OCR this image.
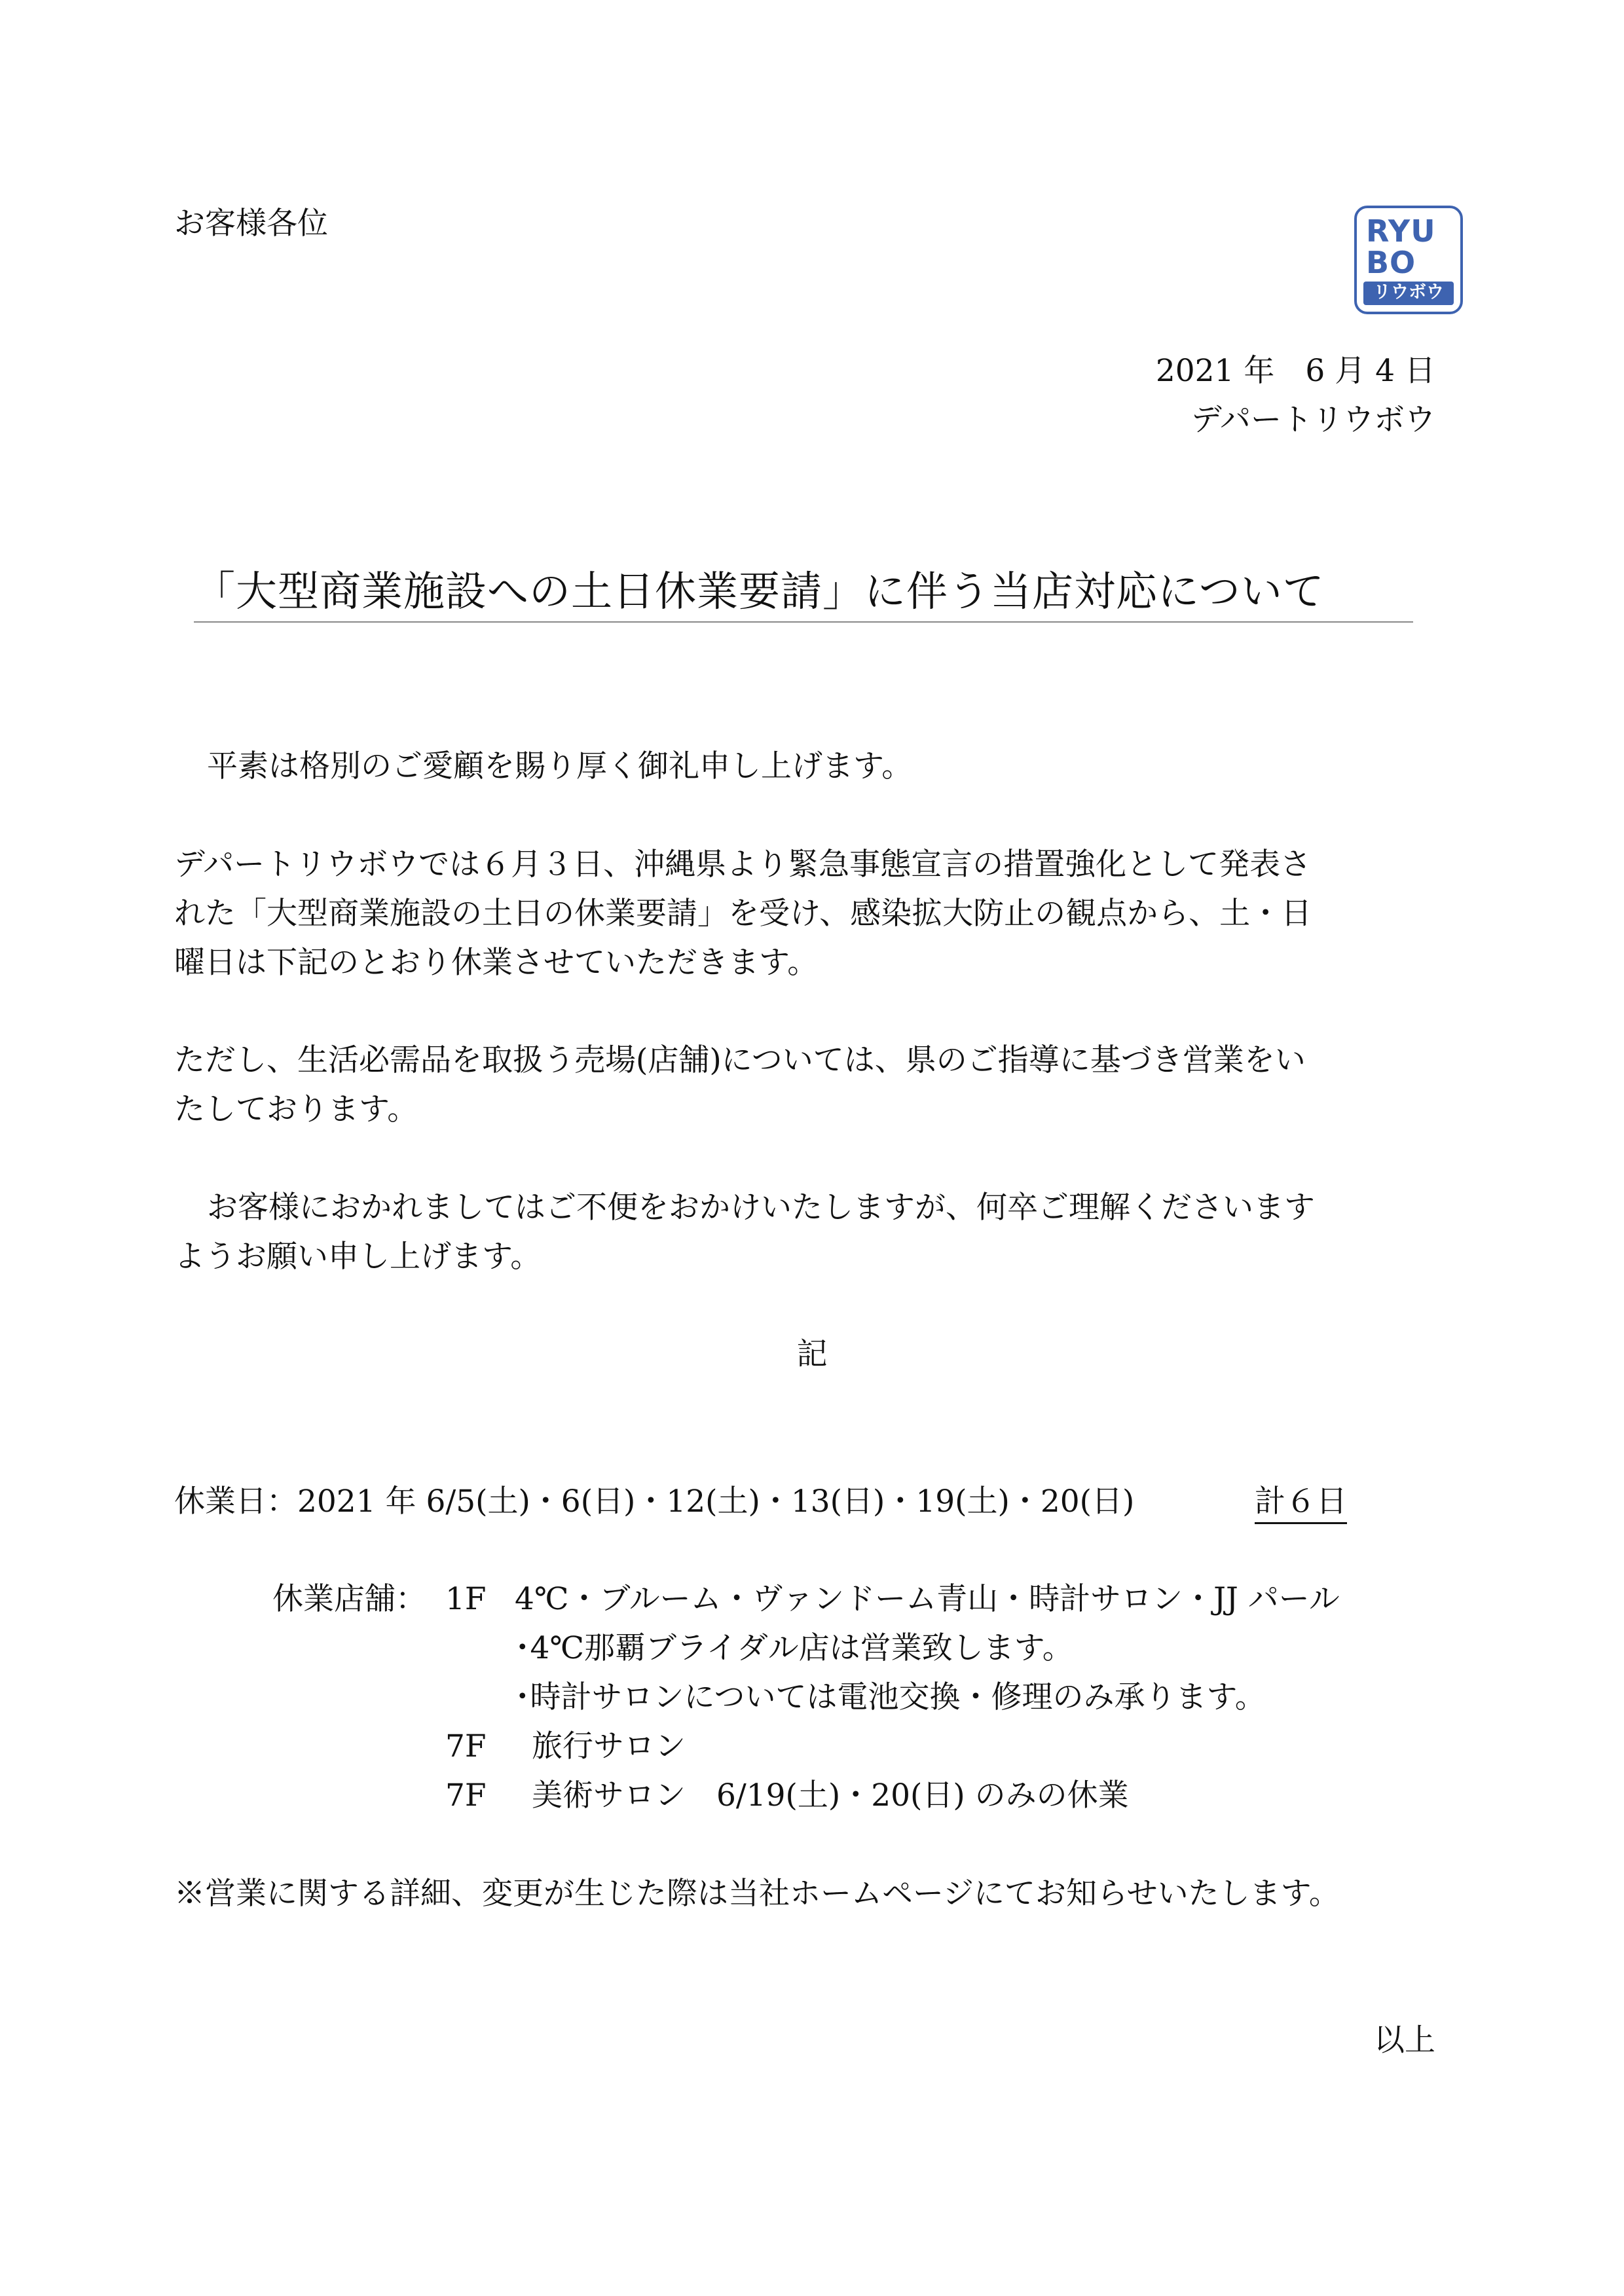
お客様各位	RYU
BO
リウボウ
2021 年　6 月 4 日
デパートリウボウ
「大型商業施設への土日休業要請」に伴う当店対応について
平素は格別のご愛顧を賜り厚く御礼申し上げます。
デパートリウボウでは６月３日、沖縄県より緊急事態宣言の措置強化として発表さ
れた「大型商業施設の土日の休業要請」を受け、感染拡大防止の観点から、土・日
曜日は下記のとおり休業させていただきます。
ただし、生活必需品を取扱う売場(店舗)については、県のご指導に基づき営業をい
たしております。
お客様におかれましてはご不便をおかけいたしますが、何卒ご理解くださいます
ようお願い申し上げます。
記
休業日：2021 年 6/5(土)・6(日)・12(土)・13(日)・19(土)・20(日)	計６日
休業店舗： 1F 4℃・ブルーム・ヴァンドーム青山・時計サロン・JJ パール
･4℃那覇ブライダル店は営業致します。
･時計サロンについては電池交換・修理のみ承ります。
7F 旅行サロン
7F 美術サロン　6/19(土)・20(日) のみの休業
※営業に関する詳細、変更が生じた際は当社ホームページにてお知らせいたします。
以上
